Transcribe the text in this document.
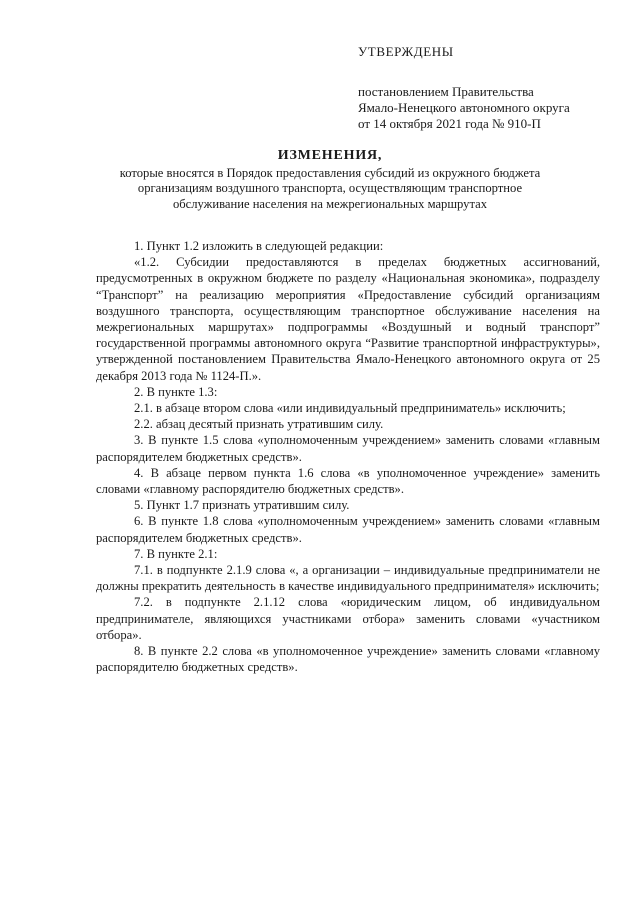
УТВЕРЖДЕНЫ
постановлением Правительства
Ямало-Ненецкого автономного округа
от 14 октября 2021 года № 910-П
ИЗМЕНЕНИЯ,
которые вносятся в Порядок предоставления субсидий из окружного бюджета
организациям воздушного транспорта, осуществляющим транспортное
обслуживание населения на межрегиональных маршрутах

1. Пункт 1.2 изложить в следующей редакции:

«1.2. Субсидии предоставляются в пределах бюджетных ассигнований, предусмотренных в окружном бюджете по разделу «Национальная экономика», подразделу “Транспорт” на реализацию мероприятия «Предоставление субсидий организациям воздушного транспорта, осуществляющим транспортное обслуживание населения на межрегиональных маршрутах» подпрограммы «Воздушный и водный транспорт” государственной программы автономного округа “Развитие транспортной инфраструктуры», утвержденной постановлением Правительства Ямало-Ненецкого автономного округа от 25 декабря 2013 года № 1124-П.».

2. В пункте 1.3:

2.1. в абзаце втором слова «или индивидуальный предприниматель» исключить;

2.2. абзац десятый признать утратившим силу.

3. В пункте 1.5 слова «уполномоченным учреждением» заменить словами «главным распорядителем бюджетных средств».

4. В абзаце первом пункта 1.6 слова «в уполномоченное учреждение» заменить словами «главному распорядителю бюджетных средств».

5. Пункт 1.7 признать утратившим силу.

6. В пункте 1.8 слова «уполномоченным учреждением» заменить словами «главным распорядителем бюджетных средств».

7. В пункте 2.1:

7.1. в подпункте 2.1.9 слова «, а организации – индивидуальные предприниматели не должны прекратить деятельность в качестве индивидуального предпринимателя» исключить;

7.2. в подпункте 2.1.12 слова «юридическим лицом, об индивидуальном предпринимателе, являющихся участниками отбора» заменить словами «участником отбора».

8. В пункте 2.2 слова «в уполномоченное учреждение» заменить словами «главному распорядителю бюджетных средств».
